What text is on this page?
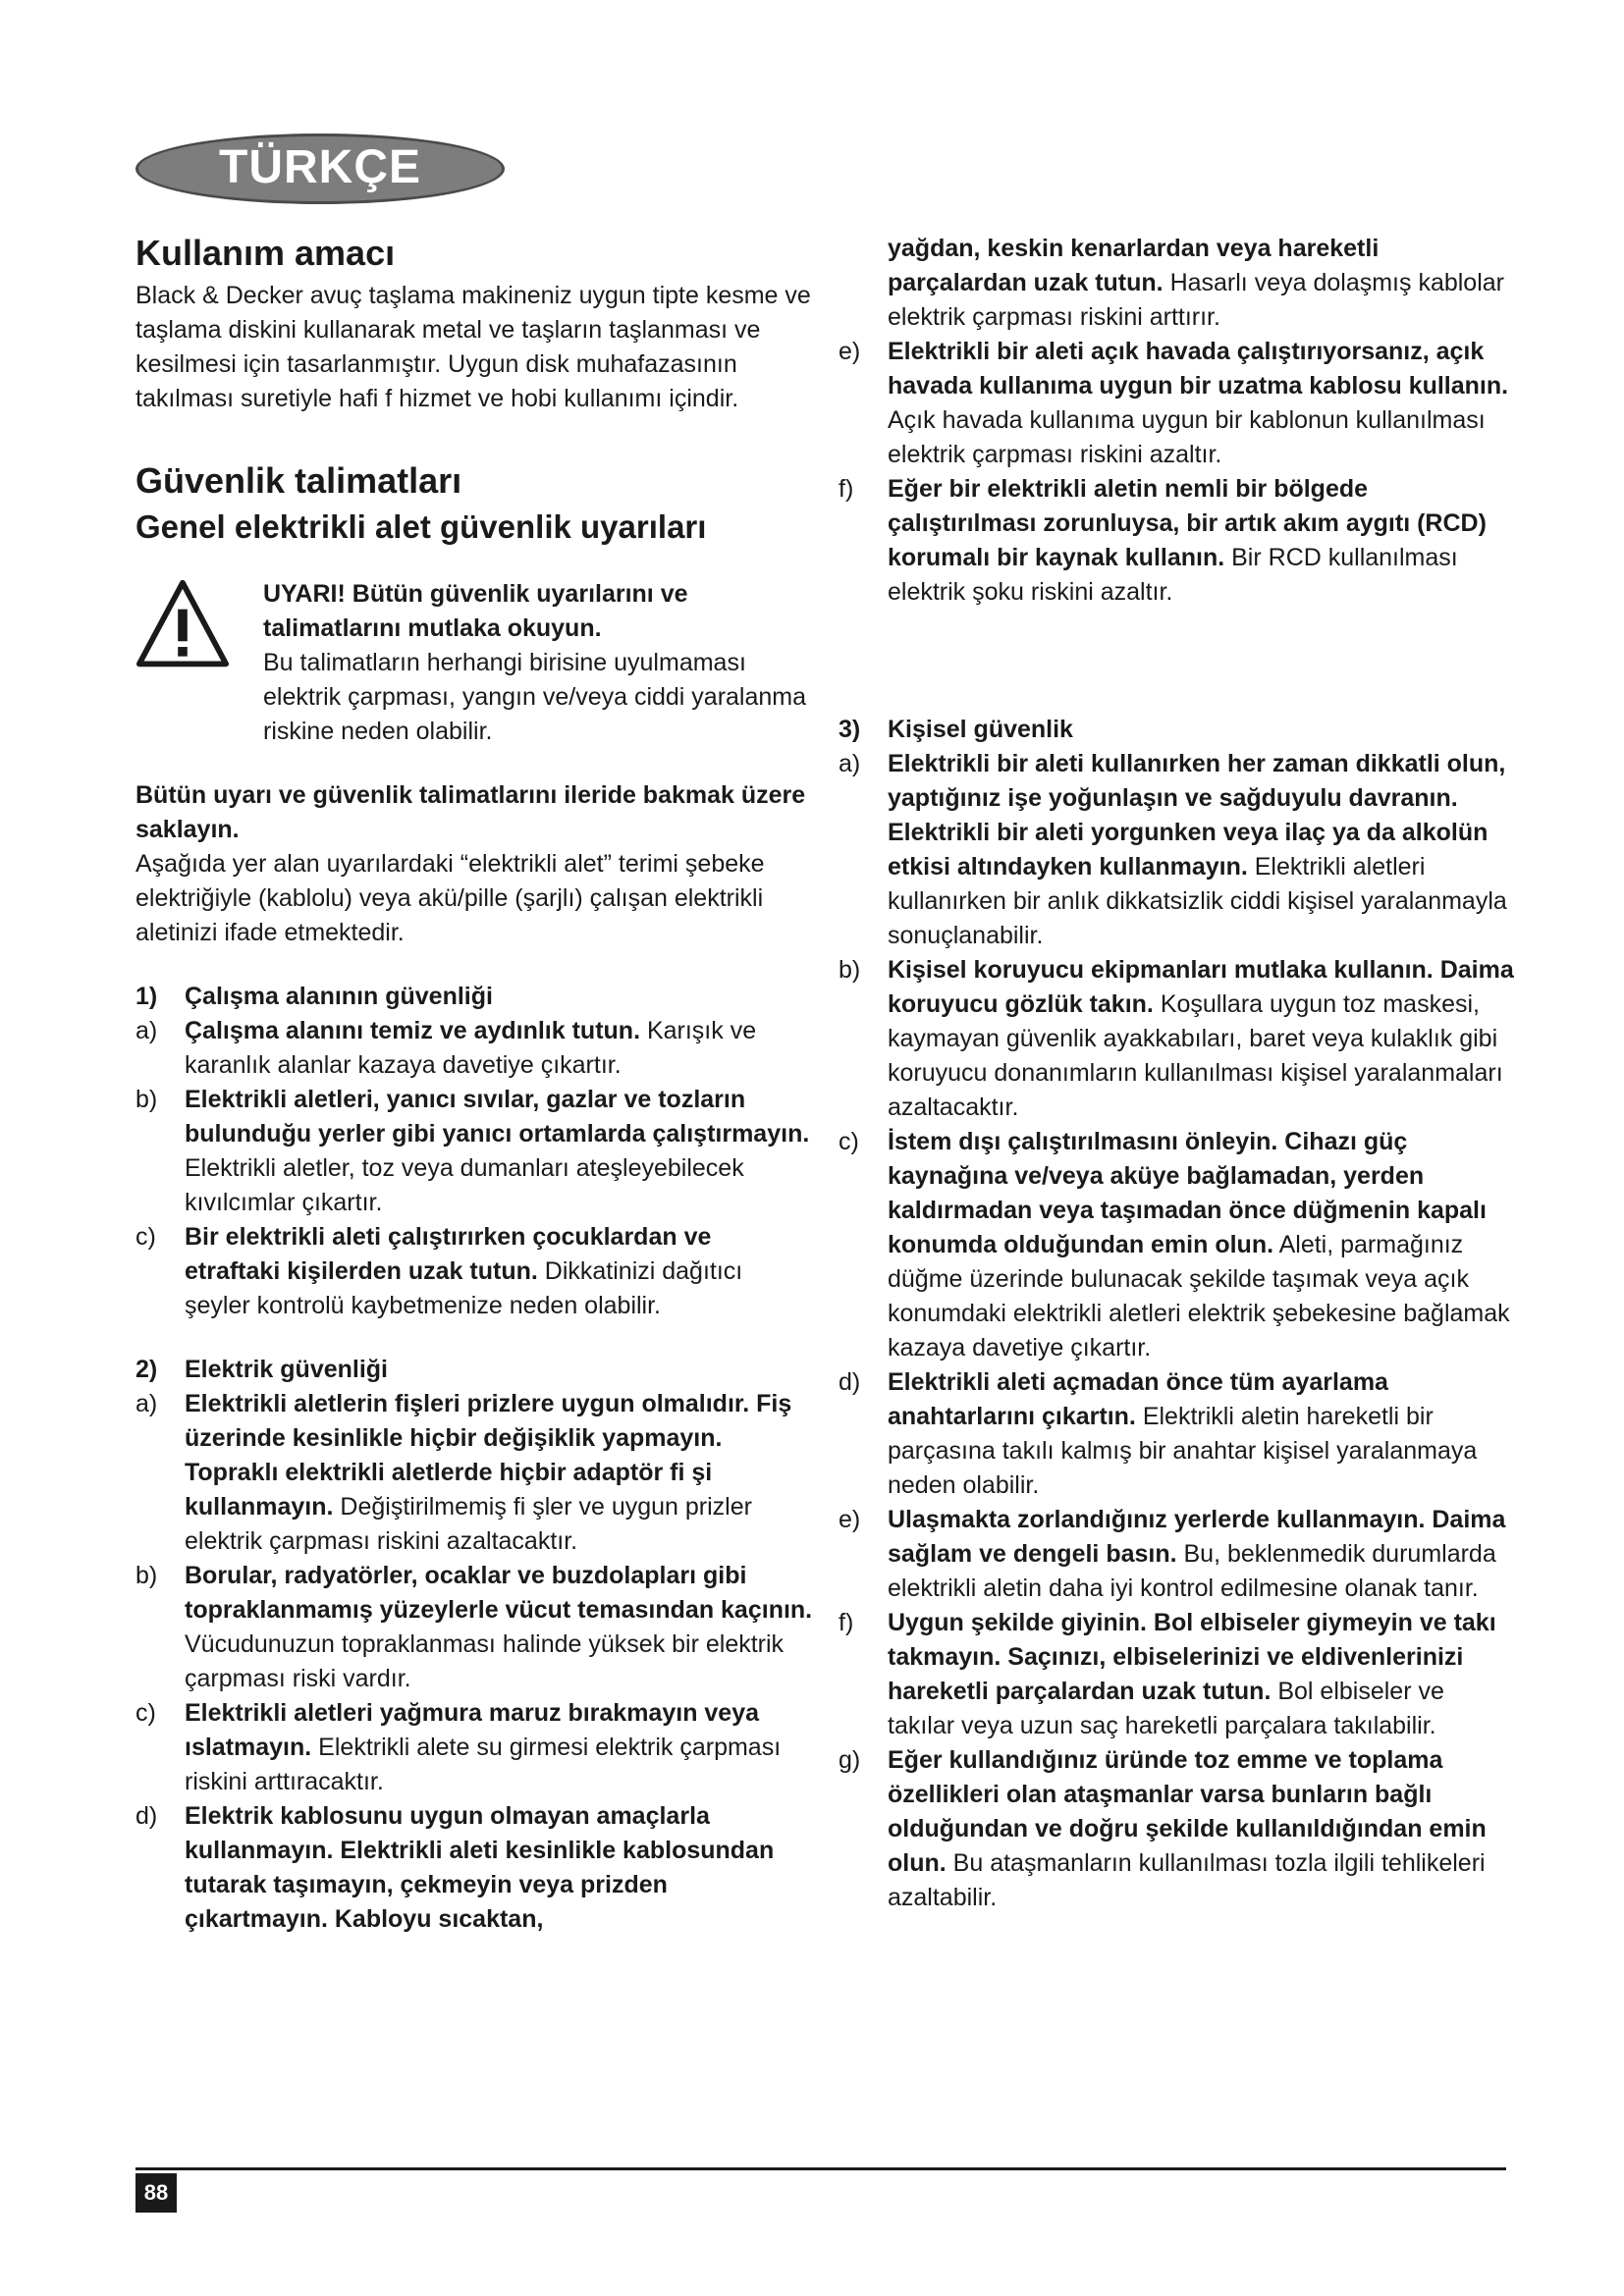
TÜRKÇE

Kullanım amacı

Black & Decker avuç taşlama makineniz uygun tipte kesme ve taşlama diskini kullanarak metal ve taşların taşlanması ve kesilmesi için tasarlanmıştır. Uygun disk muhafazasının takılması suretiyle hafi f hizmet ve hobi kullanımı içindir.

Güvenlik talimatları

Genel elektrikli alet güvenlik uyarıları

UYARI! Bütün güvenlik uyarılarını ve talimatlarını mutlaka okuyun.

Bu talimatların herhangi birisine uyulmaması elektrik çarpması, yangın ve/veya ciddi yaralanma riskine neden olabilir.

Bütün uyarı ve güvenlik talimatlarını ileride bakmak üzere saklayın.

Aşağıda yer alan uyarılardaki “elektrikli alet” terimi şebeke elektriğiyle (kablolu) veya akü/pille (şarjlı) çalışan elektrikli aletinizi ifade etmektedir.

1)	Çalışma alanının güvenliği
a)	Çalışma alanını temiz ve aydınlık tutun. Karışık ve karanlık alanlar kazaya davetiye çıkartır.
b)	Elektrikli aletleri, yanıcı sıvılar, gazlar ve tozların bulunduğu yerler gibi yanıcı ortamlarda çalıştırmayın. Elektrikli aletler, toz veya dumanları ateşleyebilecek kıvılcımlar çıkartır.
c)	Bir elektrikli aleti çalıştırırken çocuklardan ve etraftaki kişilerden uzak tutun. Dikkatinizi dağıtıcı şeyler kontrolü kaybetmenize neden olabilir.
2)	Elektrik güvenliği
a)	Elektrikli aletlerin fişleri prizlere uygun olmalıdır. Fiş üzerinde kesinlikle hiçbir değişiklik yapmayın. Topraklı elektrikli aletlerde hiçbir adaptör fi şi kullanmayın. Değiştirilmemiş fi şler ve uygun prizler elektrik çarpması riskini azaltacaktır.
b)	Borular, radyatörler, ocaklar ve buzdolapları gibi topraklanmamış yüzeylerle vücut temasından kaçının. Vücudunuzun topraklanması halinde yüksek bir elektrik çarpması riski vardır.
c)	Elektrikli aletleri yağmura maruz bırakmayın veya ıslatmayın. Elektrikli alete su girmesi elektrik çarpması riskini arttıracaktır.
d)	Elektrik kablosunu uygun olmayan amaçlarla kullanmayın. Elektrikli aleti kesinlikle kablosundan tutarak taşımayın, çekmeyin veya prizden çıkartmayın. Kabloyu sıcaktan,
yağdan, keskin kenarlardan veya hareketli parçalardan uzak tutun. Hasarlı veya dolaşmış kablolar elektrik çarpması riskini arttırır.
e)	Elektrikli bir aleti açık havada çalıştırıyorsanız, açık havada kullanıma uygun bir uzatma kablosu kullanın. Açık havada kullanıma uygun bir kablonun kullanılması elektrik çarpması riskini azaltır.
f)	Eğer bir elektrikli aletin nemli bir bölgede çalıştırılması zorunluysa, bir artık akım aygıtı (RCD) korumalı bir kaynak kullanın. Bir RCD kullanılması elektrik şoku riskini azaltır.
3)	Kişisel güvenlik
a)	Elektrikli bir aleti kullanırken her zaman dikkatli olun, yaptığınız işe yoğunlaşın ve sağduyulu davranın. Elektrikli bir aleti yorgunken veya ilaç ya da alkolün etkisi altındayken kullanmayın. Elektrikli aletleri kullanırken bir anlık dikkatsizlik ciddi kişisel yaralanmayla sonuçlanabilir.
b)	Kişisel koruyucu ekipmanları mutlaka kullanın. Daima koruyucu gözlük takın. Koşullara uygun toz maskesi, kaymayan güvenlik ayakkabıları, baret veya kulaklık gibi koruyucu donanımların kullanılması kişisel yaralanmaları azaltacaktır.
c)	İstem dışı çalıştırılmasını önleyin. Cihazı güç kaynağına ve/veya aküye bağlamadan, yerden kaldırmadan veya taşımadan önce düğmenin kapalı konumda olduğundan emin olun. Aleti, parmağınız düğme üzerinde bulunacak şekilde taşımak veya açık konumdaki elektrikli aletleri elektrik şebekesine bağlamak kazaya davetiye çıkartır.
d)	Elektrikli aleti açmadan önce tüm ayarlama anahtarlarını çıkartın. Elektrikli aletin hareketli bir parçasına takılı kalmış bir anahtar kişisel yaralanmaya neden olabilir.
e)	Ulaşmakta zorlandığınız yerlerde kullanmayın. Daima sağlam ve dengeli basın. Bu, beklenmedik durumlarda elektrikli aletin daha iyi kontrol edilmesine olanak tanır.
f)	Uygun şekilde giyinin. Bol elbiseler giymeyin ve takı takmayın. Saçınızı, elbiselerinizi ve eldivenlerinizi hareketli parçalardan uzak tutun. Bol elbiseler ve takılar veya uzun saç hareketli parçalara takılabilir.
g)	Eğer kullandığınız üründe toz emme ve toplama özellikleri olan ataşmanlar varsa bunların bağlı olduğundan ve doğru şekilde kullanıldığından emin olun. Bu ataşmanların kullanılması tozla ilgili tehlikeleri azaltabilir.
88
